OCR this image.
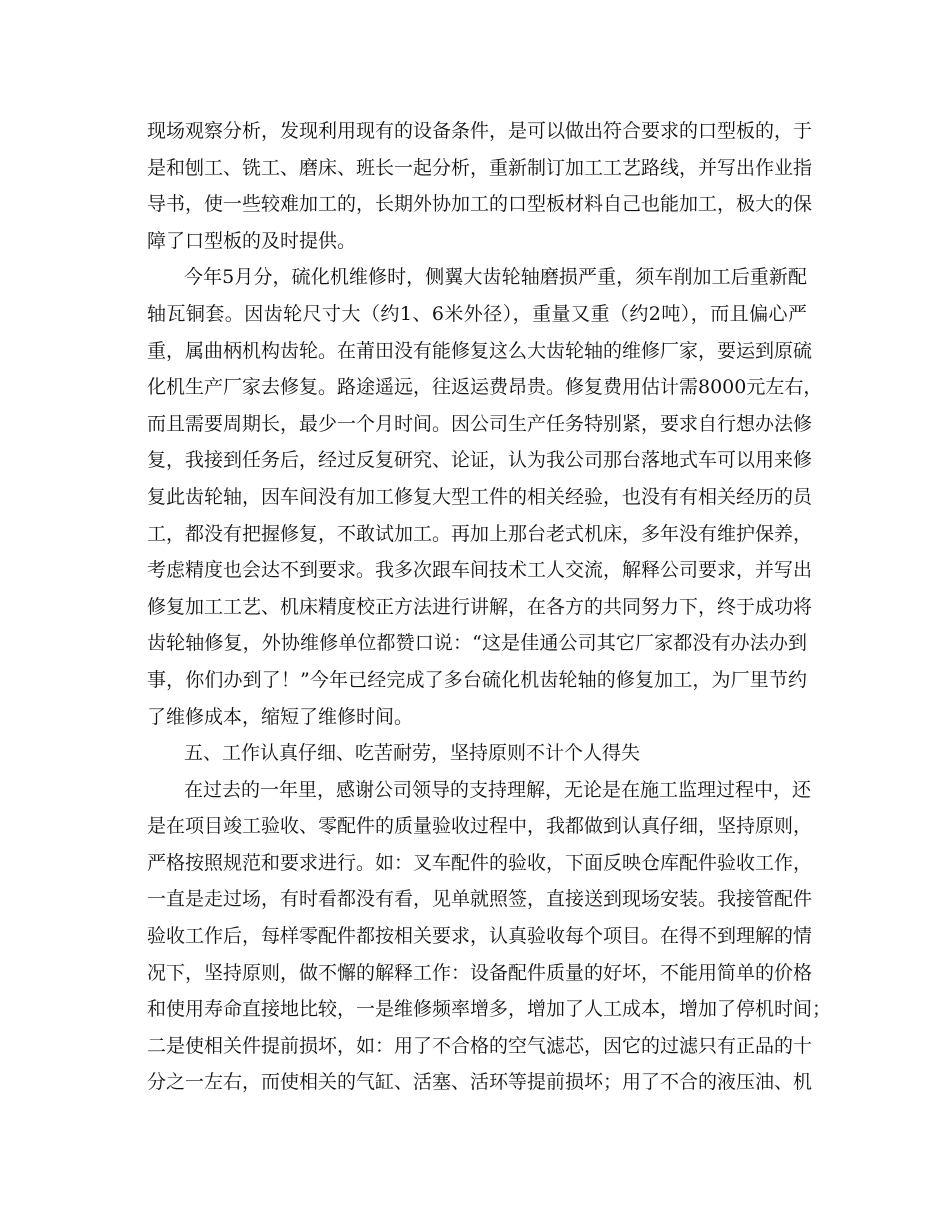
现场观察分析，发现利用现有的设备条件，是可以做出符合要求的口型板的，于
是和刨工、铣工、磨床、班长一起分析，重新制订加工工艺路线，并写出作业指
导书，使一些较难加工的，长期外协加工的口型板材料自己也能加工，极大的保
障了口型板的及时提供。
今年5月分，硫化机维修时，侧翼大齿轮轴磨损严重，须车削加工后重新配
轴瓦铜套。因齿轮尺寸大（约1、6米外径），重量又重（约2吨），而且偏心严
重，属曲柄机构齿轮。在莆田没有能修复这么大齿轮轴的维修厂家，要运到原硫
化机生产厂家去修复。路途遥远，往返运费昂贵。修复费用估计需8000元左右，
而且需要周期长，最少一个月时间。因公司生产任务特别紧，要求自行想办法修
复，我接到任务后，经过反复研究、论证，认为我公司那台落地式车可以用来修
复此齿轮轴，因车间没有加工修复大型工件的相关经验，也没有有相关经历的员
工，都没有把握修复，不敢试加工。再加上那台老式机床，多年没有维护保养，
考虑精度也会达不到要求。我多次跟车间技术工人交流，解释公司要求，并写出
修复加工工艺、机床精度校正方法进行讲解，在各方的共同努力下，终于成功将
齿轮轴修复，外协维修单位都赞口说：“这是佳通公司其它厂家都没有办法办到
事，你们办到了！”今年已经完成了多台硫化机齿轮轴的修复加工，为厂里节约
了维修成本，缩短了维修时间。
五、工作认真仔细、吃苦耐劳，坚持原则不计个人得失
在过去的一年里，感谢公司领导的支持理解，无论是在施工监理过程中，还
是在项目竣工验收、零配件的质量验收过程中，我都做到认真仔细，坚持原则，
严格按照规范和要求进行。如：叉车配件的验收，下面反映仓库配件验收工作，
一直是走过场，有时看都没有看，见单就照签，直接送到现场安装。我接管配件
验收工作后，每样零配件都按相关要求，认真验收每个项目。在得不到理解的情
况下，坚持原则，做不懈的解释工作：设备配件质量的好坏，不能用简单的价格
和使用寿命直接地比较，一是维修频率增多，增加了人工成本，增加了停机时间；
二是使相关件提前损坏，如：用了不合格的空气滤芯，因它的过滤只有正品的十
分之一左右，而使相关的气缸、活塞、活环等提前损坏；用了不合的液压油、机
